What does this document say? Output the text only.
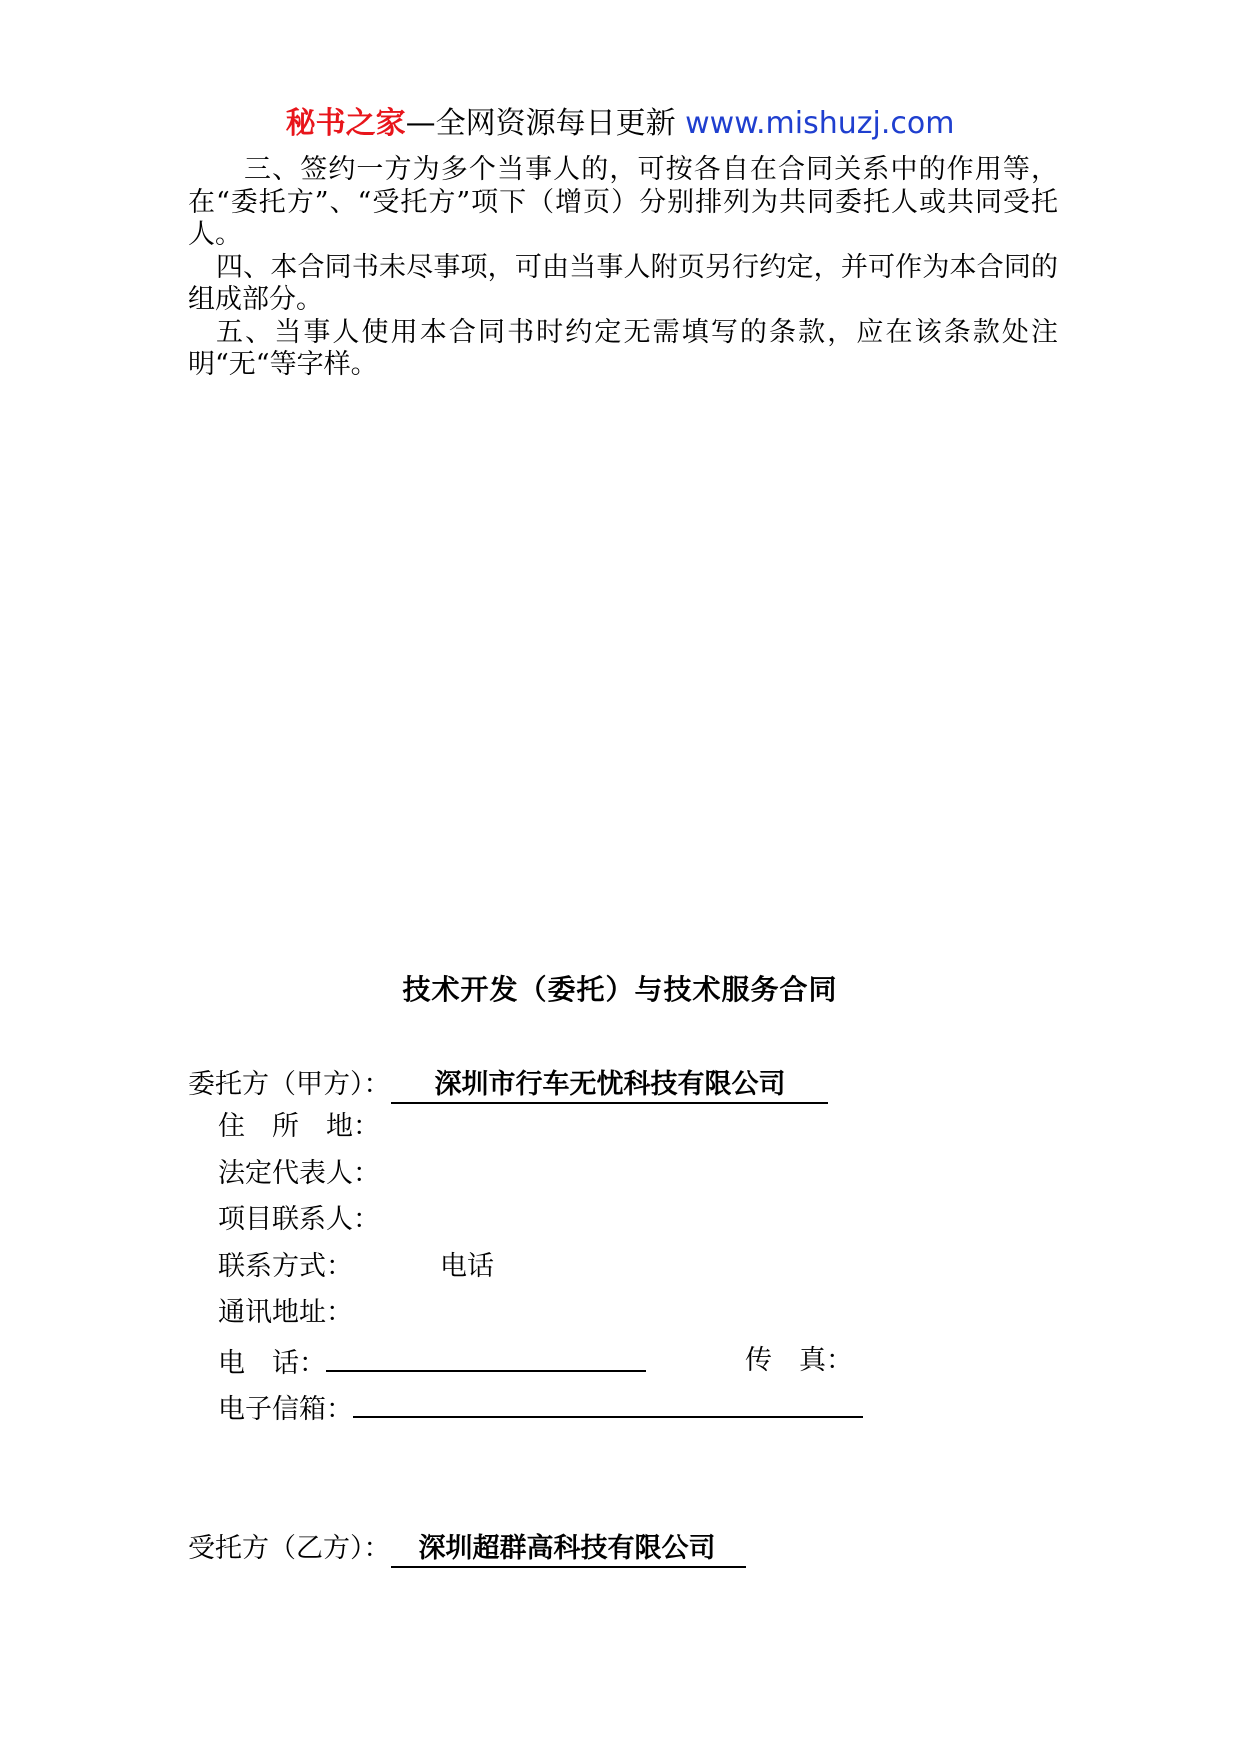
秘书之家—全网资源每日更新 www.mishuzj.com

三、签约一方为多个当事人的，可按各自在合同关系中的作用等，在“委托方”、“受托方”项下（增页）分别排列为共同委托人或共同受托人。

四、本合同书未尽事项，可由当事人附页另行约定，并可作为本合同的组成部分。

五、当事人使用本合同书时约定无需填写的条款，应在该条款处注明“无“等字样。

技术开发（委托）与技术服务合同
委托方（甲方）： 深圳市行车无忧科技有限公司
住　所　地：
法定代表人：
项目联系人：
联系方式：	电话
通讯地址：
电　话：	传　真：
电子信箱：
受托方（乙方）： 深圳超群高科技有限公司
